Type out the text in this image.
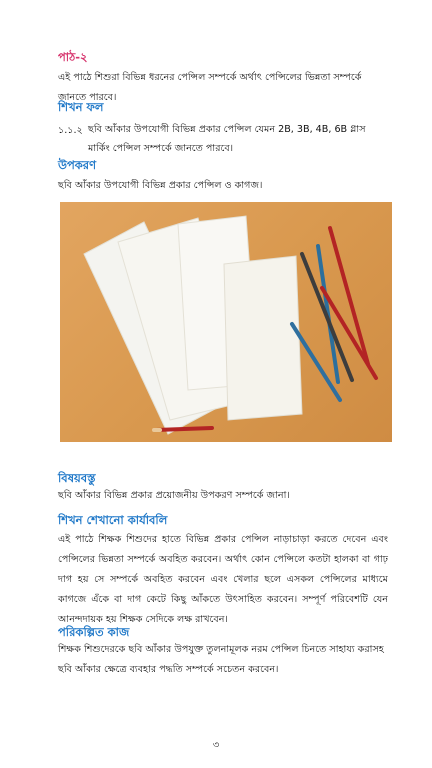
পাঠ-২
এই পাঠে শিশুরা বিভিন্ন ধরনের পেন্সিল সম্পর্কে অর্থাৎ পেন্সিলের ভিন্নতা সম্পর্কে জানতে পারবে।
শিখন ফল
১.১.২ ছবি আঁকার উপযোগী বিভিন্ন প্রকার পেন্সিল যেমন 2B, 3B, 4B, 6B গ্লাস মার্কিং পেন্সিল সম্পর্কে জানতে পারবে।
উপকরণ
ছবি আঁকার উপযোগী বিভিন্ন প্রকার পেন্সিল ও কাগজ।
বিষয়বস্তু
ছবি আঁকার বিভিন্ন প্রকার প্রয়োজনীয় উপকরণ সম্পর্কে জানা।
শিখন শেখানো কার্যাবলি
এই পাঠে শিক্ষক শিশুদের হাতে বিভিন্ন প্রকার পেন্সিল নাড়াচাড়া করতে দেবেন এবং পেন্সিলের ভিন্নতা সম্পর্কে অবহিত করবেন। অর্থাৎ কোন পেন্সিলে কতটা হালকা বা গাঢ় দাগ হয় সে সম্পর্কে অবহিত করবেন এবং খেলার ছলে এসকল পেন্সিলের মাধ্যমে কাগজে এঁকে বা দাগ কেটে কিছু আঁকতে উৎসাহিত করবেন। সম্পূর্ণ পরিবেশটি যেন আনন্দদায়ক হয় শিক্ষক সেদিকে লক্ষ রাখবেন।
পরিকল্পিত কাজ
শিক্ষক শিশুদেরকে ছবি আঁকার উপযুক্ত তুলনামূলক নরম পেন্সিল চিনতে সাহায্য করাসহ ছবি আঁকার ক্ষেত্রে ব্যবহার পদ্ধতি সম্পর্কে সচেতন করবেন।
৩
